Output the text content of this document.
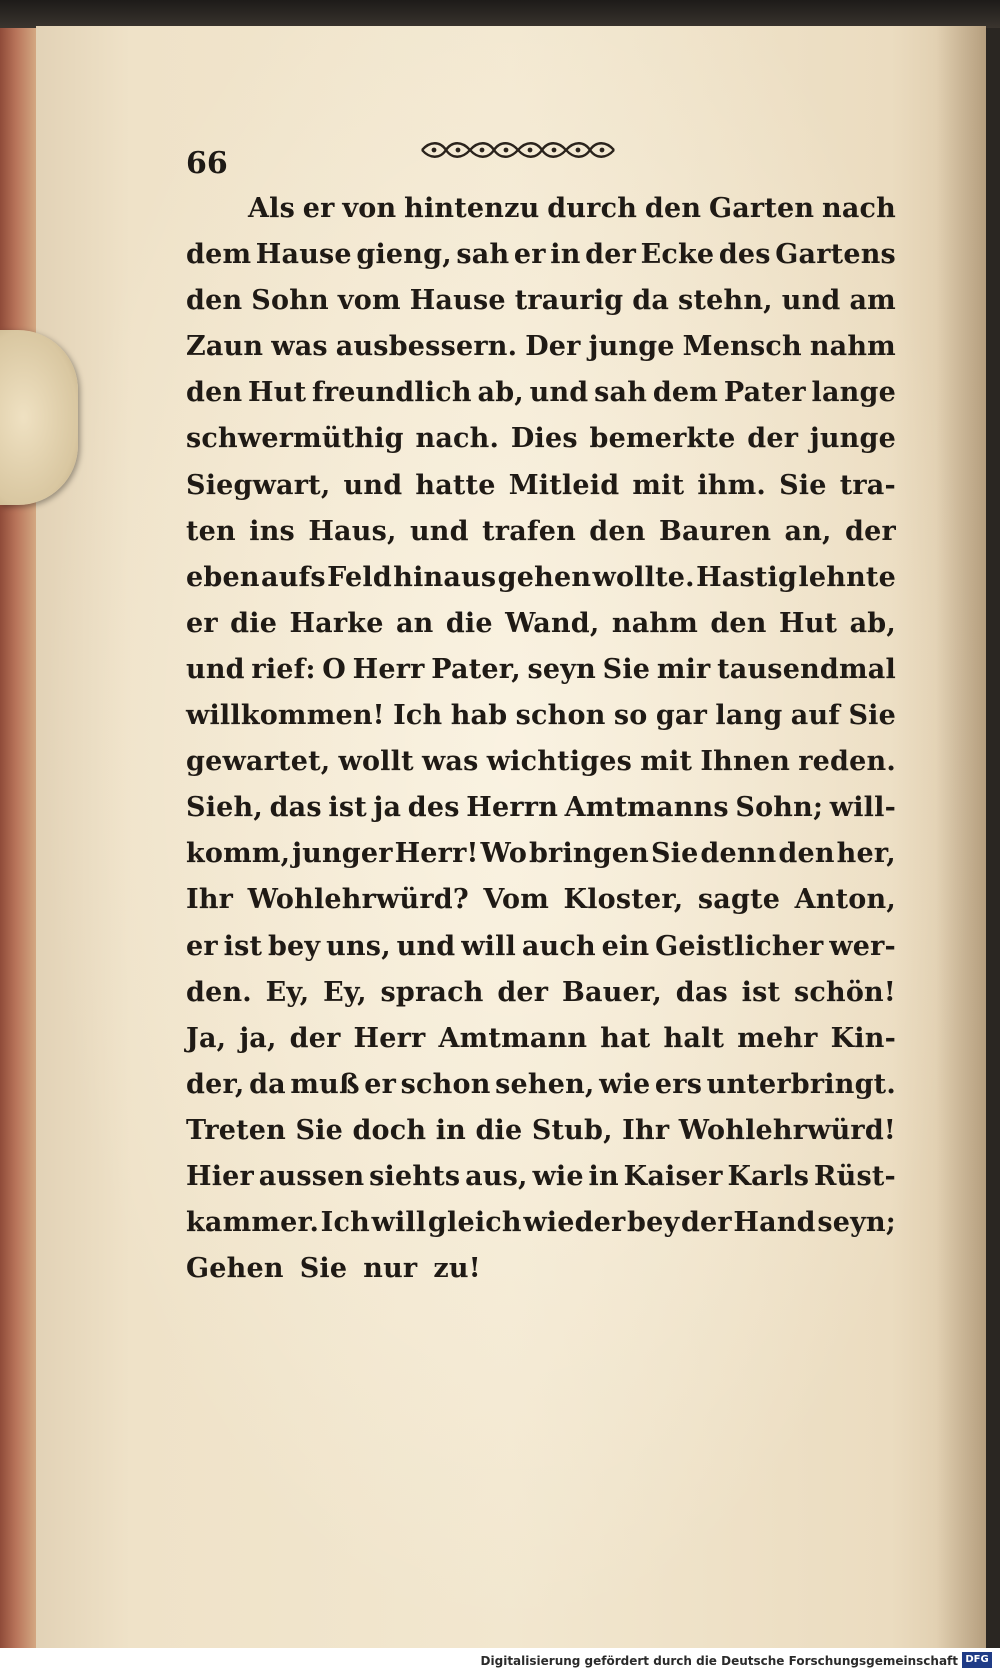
66
Als er von hintenzu durch den Garten nach
dem Hause gieng, sah er in der Ecke des Gartens
den Sohn vom Hause traurig da stehn, und am
Zaun was ausbessern. Der junge Mensch nahm
den Hut freundlich ab, und sah dem Pater lange
schwermüthig nach. Dies bemerkte der junge
Siegwart, und hatte Mitleid mit ihm. Sie tra-
ten ins Haus, und trafen den Bauren an, der
eben aufs Feld hinaus gehen wollte. Hastig lehnte
er die Harke an die Wand, nahm den Hut ab,
und rief: O Herr Pater, seyn Sie mir tausendmal
willkommen! Ich hab schon so gar lang auf Sie
gewartet, wollt was wichtiges mit Ihnen reden.
Sieh, das ist ja des Herrn Amtmanns Sohn; will-
komm, junger Herr! Wo bringen Sie denn den her,
Ihr Wohlehrwürd? Vom Kloster, sagte Anton,
er ist bey uns, und will auch ein Geistlicher wer-
den. Ey, Ey, sprach der Bauer, das ist schön!
Ja, ja, der Herr Amtmann hat halt mehr Kin-
der, da muß er schon sehen, wie ers unterbringt.
Treten Sie doch in die Stub, Ihr Wohlehrwürd!
Hier aussen siehts aus, wie in Kaiser Karls Rüst-
kammer. Ich will gleich wieder bey der Hand seyn;
Gehen Sie nur zu!
Digitalisierung gefördert durch die Deutsche Forschungsgemeinschaft DFG
